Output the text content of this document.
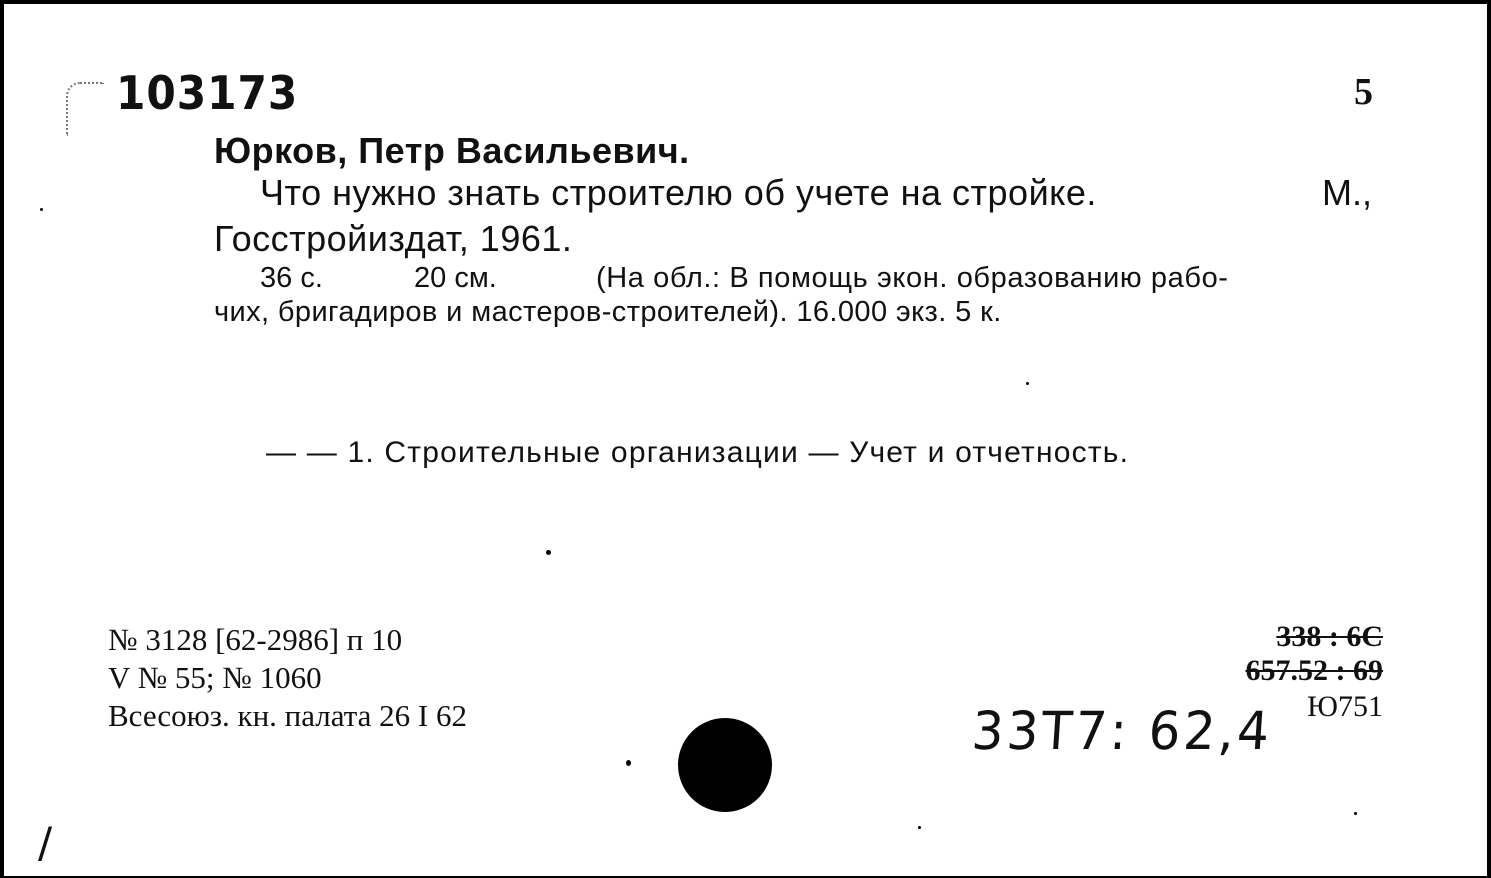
103173	5
Юрков, Петр Васильевич.
Что нужно знать строителю об учете на стройке.	М.,
Госстройиздат, 1961.
36 с.	20 см.	(На обл.: В помощь экон. образованию рабо-
чих, бригадиров и мастеров-строителей). 16.000 экз. 5 к.
— — 1. Строительные организации — Учет и отчетность.
№ 3128 [62-2986] п 10
V № 55; № 1060
Всесоюз. кн. палата 26 I 62
338 : 6С
657.52 : 69
Ю751
33Т7: 62,4
/
